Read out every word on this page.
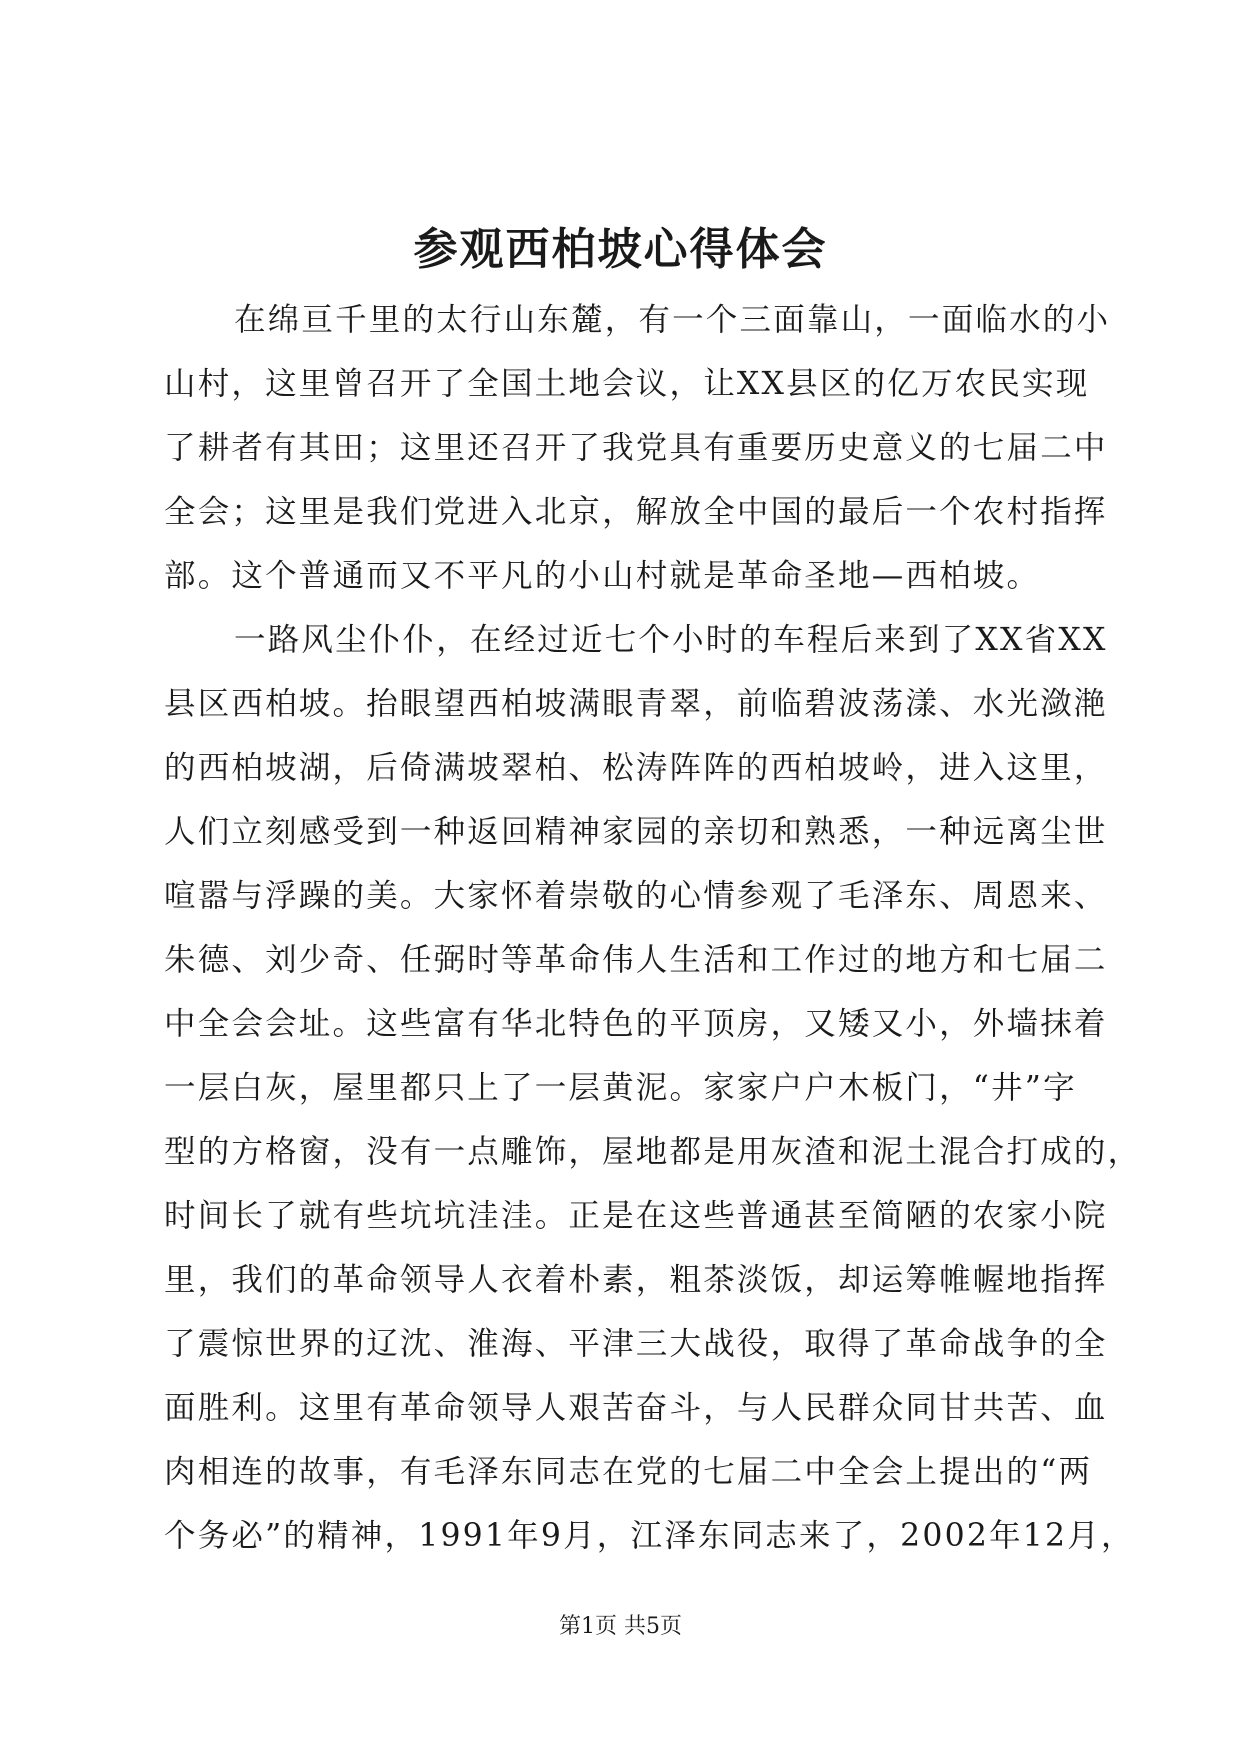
参观西柏坡心得体会
在绵亘千里的太行山东麓，有一个三面靠山，一面临水的小
山村，这里曾召开了全国土地会议，让XX县区的亿万农民实现
了耕者有其田；这里还召开了我党具有重要历史意义的七届二中
全会；这里是我们党进入北京，解放全中国的最后一个农村指挥
部。这个普通而又不平凡的小山村就是革命圣地—西柏坡。
一路风尘仆仆，在经过近七个小时的车程后来到了XX省XX
县区西柏坡。抬眼望西柏坡满眼青翠，前临碧波荡漾、水光潋滟
的西柏坡湖，后倚满坡翠柏、松涛阵阵的西柏坡岭，进入这里，
人们立刻感受到一种返回精神家园的亲切和熟悉，一种远离尘世
喧嚣与浮躁的美。大家怀着崇敬的心情参观了毛泽东、周恩来、
朱德、刘少奇、任弼时等革命伟人生活和工作过的地方和七届二
中全会会址。这些富有华北特色的平顶房，又矮又小，外墙抹着
一层白灰，屋里都只上了一层黄泥。家家户户木板门，“井”字
型的方格窗，没有一点雕饰，屋地都是用灰渣和泥土混合打成的，
时间长了就有些坑坑洼洼。正是在这些普通甚至简陋的农家小院
里，我们的革命领导人衣着朴素，粗茶淡饭，却运筹帷幄地指挥
了震惊世界的辽沈、淮海、平津三大战役，取得了革命战争的全
面胜利。这里有革命领导人艰苦奋斗，与人民群众同甘共苦、血
肉相连的故事，有毛泽东同志在党的七届二中全会上提出的“两
个务必”的精神，1991年9月，江泽东同志来了，2002年12月，
第1页 共5页
